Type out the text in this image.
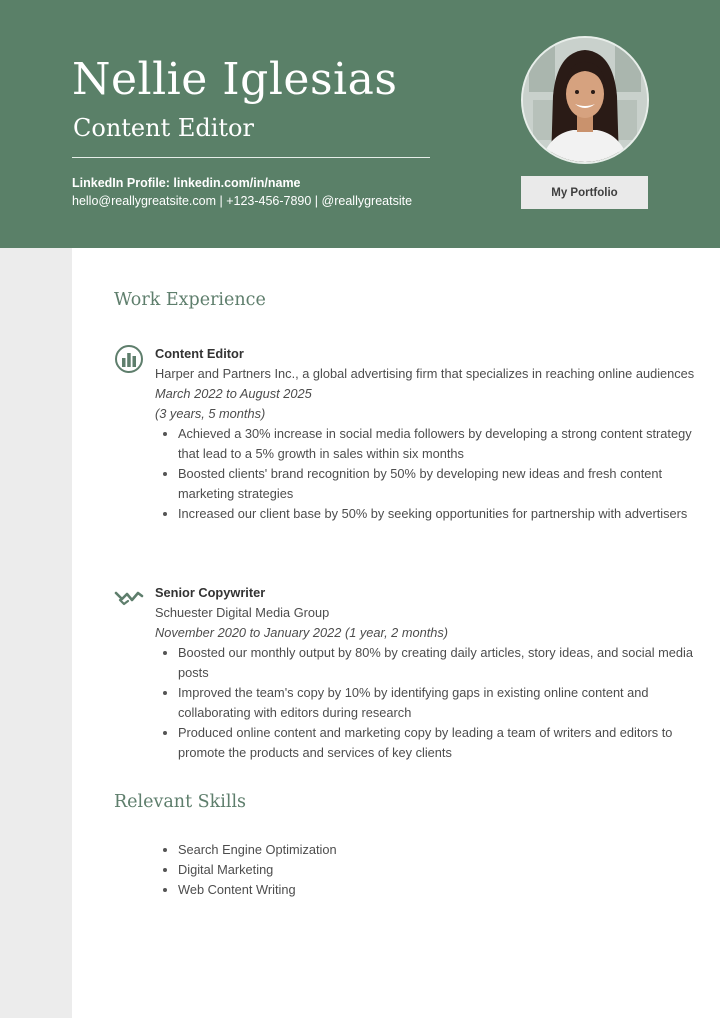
Nellie Iglesias
Content Editor
LinkedIn Profile: linkedin.com/in/name
hello@reallygreatsite.com | +123-456-7890 | @reallygreatsite
My Portfolio
Work Experience
Content Editor
Harper and Partners Inc., a global advertising firm that specializes in reaching online audiences
March 2022 to August 2025
(3 years, 5 months)
Achieved a 30% increase in social media followers by developing a strong content strategy that lead to a 5% growth in sales within six months
Boosted clients' brand recognition by 50% by developing new ideas and fresh content marketing strategies
Increased our client base by 50% by seeking opportunities for partnership with advertisers
Senior Copywriter
Schuester Digital Media Group
November 2020 to January 2022 (1 year, 2 months)
Boosted our monthly output by 80% by creating daily articles, story ideas, and social media posts
Improved the team's copy by 10% by identifying gaps in existing online content and collaborating with editors during research
Produced online content and marketing copy by leading a team of writers and editors to promote the products and services of key clients
Relevant Skills
Search Engine Optimization
Digital Marketing
Web Content Writing
